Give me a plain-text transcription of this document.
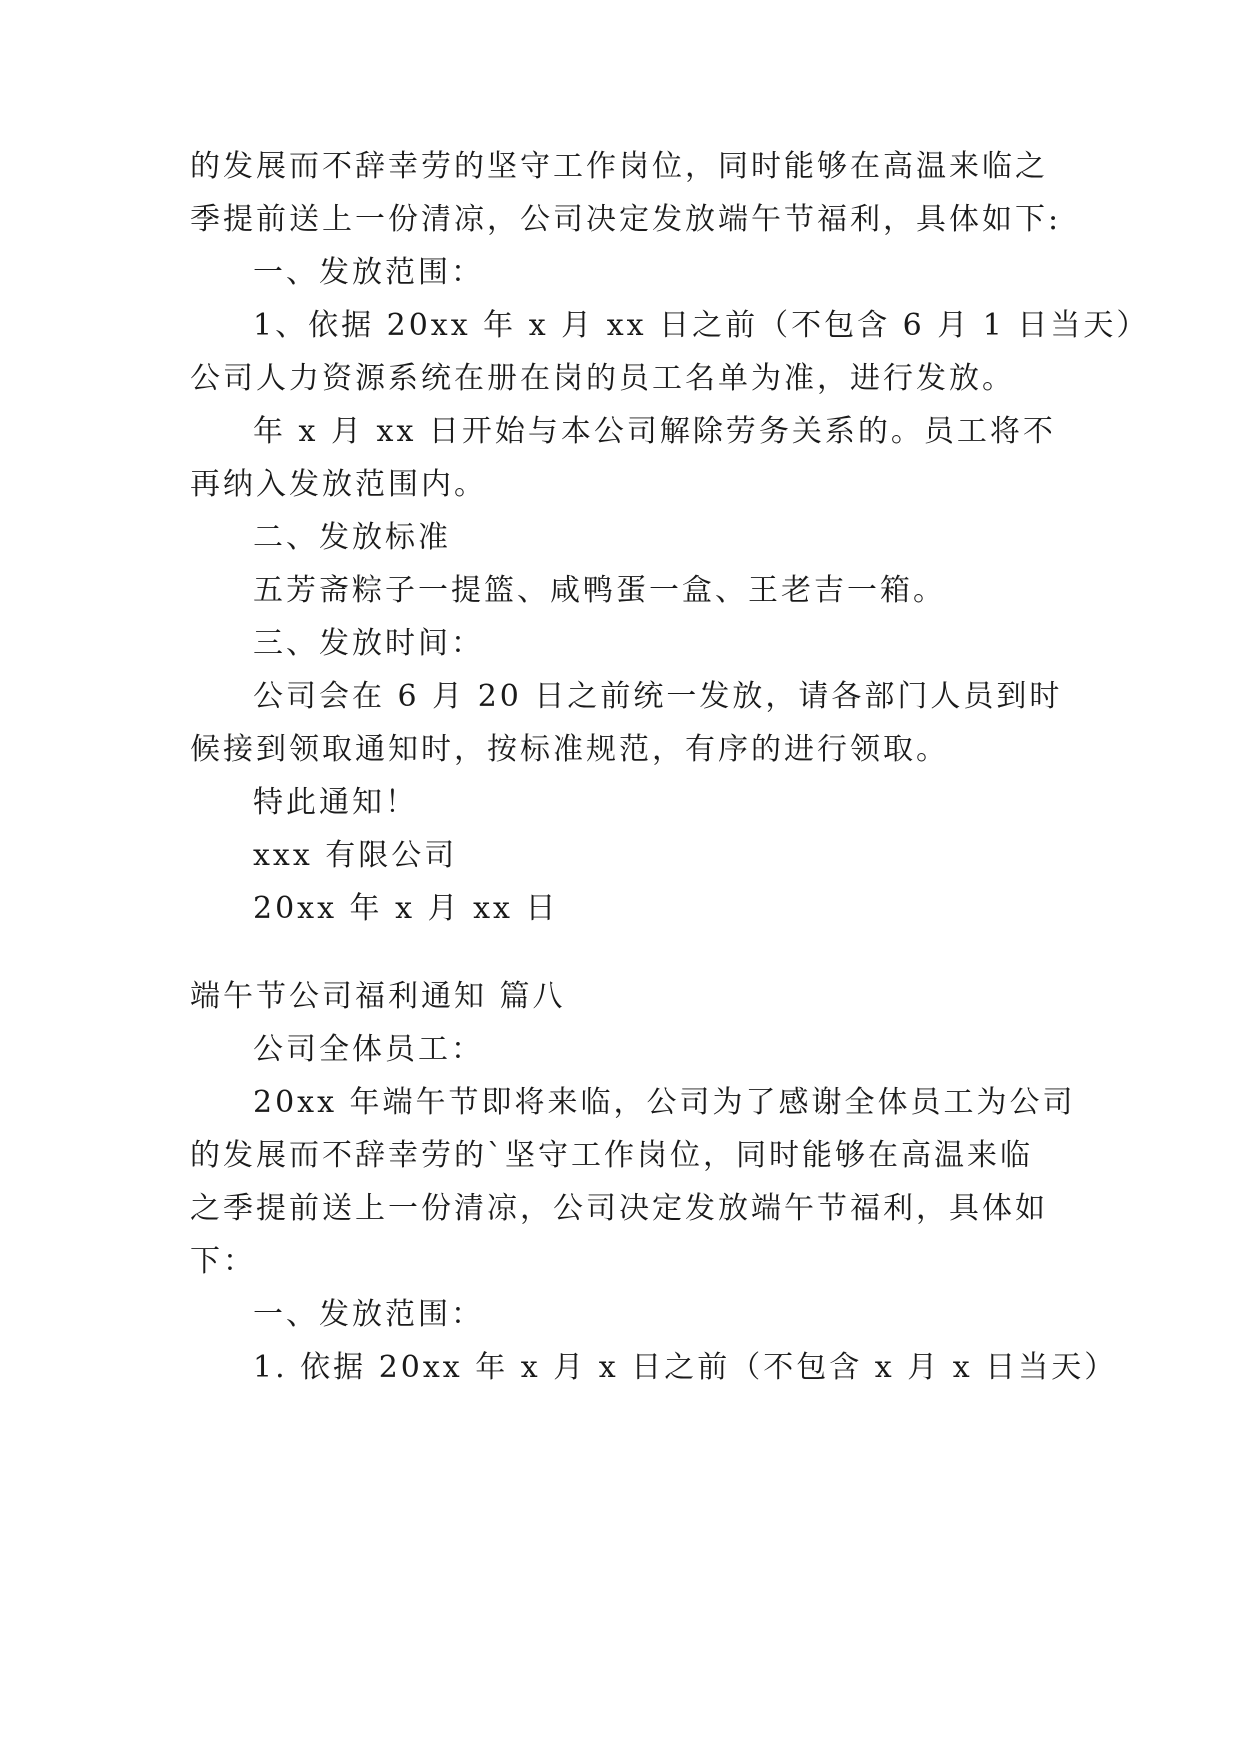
的发展而不辞幸劳的坚守工作岗位，同时能够在高温来临之

季提前送上一份清凉，公司决定发放端午节福利，具体如下:

一、发放范围：

1、依据 20xx 年 x 月 xx 日之前（不包含 6 月 1 日当天）

公司人力资源系统在册在岗的员工名单为准，进行发放。

年 x 月 xx 日开始与本公司解除劳务关系的。员工将不

再纳入发放范围内。

二、发放标准

五芳斋粽子一提篮、咸鸭蛋一盒、王老吉一箱。

三、发放时间：

公司会在 6 月 20 日之前统一发放，请各部门人员到时

候接到领取通知时，按标准规范，有序的进行领取。

特此通知！

xxx 有限公司

20xx 年 x 月 xx 日

端午节公司福利通知 篇八

公司全体员工：

20xx 年端午节即将来临，公司为了感谢全体员工为公司

的发展而不辞幸劳的`坚守工作岗位，同时能够在高温来临

之季提前送上一份清凉，公司决定发放端午节福利，具体如

下：

一、发放范围：

1. 依据 20xx 年 x 月 x 日之前（不包含 x 月 x 日当天）
